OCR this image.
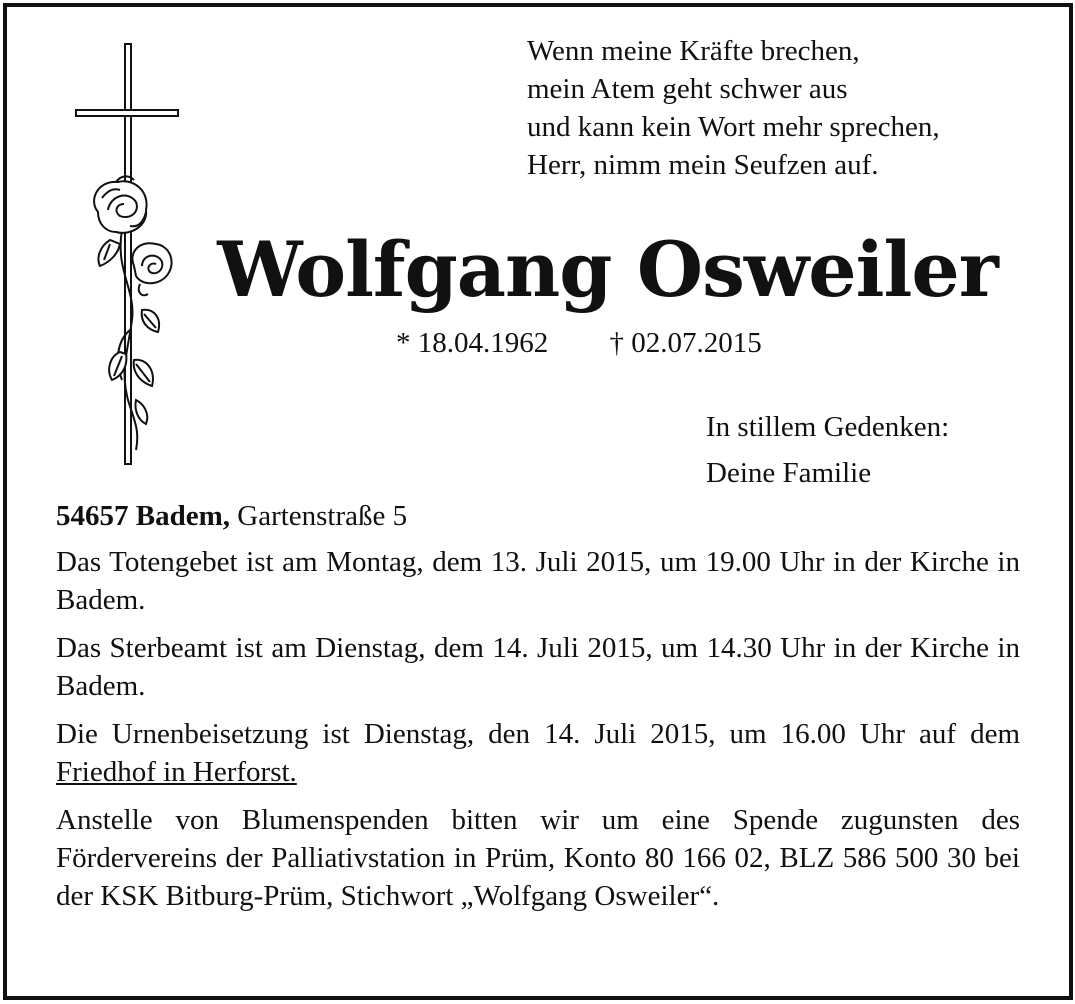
Wenn meine Kräfte brechen,
mein Atem geht schwer aus
und kann kein Wort mehr sprechen,
Herr, nimm mein Seufzen auf.
Wolfgang Osweiler
* 18.04.1962 † 02.07.2015
In stillem Gedenken:
Deine Familie
54657 Badem, Gartenstraße 5
Das Totengebet ist am Montag, dem 13. Juli 2015, um 19.00 Uhr in der Kirche in Badem.
Das Sterbeamt ist am Dienstag, dem 14. Juli 2015, um 14.30 Uhr in der Kirche in Badem.
Die Urnenbeisetzung ist Dienstag, den 14. Juli 2015, um 16.00 Uhr auf dem Friedhof in Herforst.
Anstelle von Blumenspenden bitten wir um eine Spende zugunsten des Fördervereins der Palliativstation in Prüm, Konto 80 166 02, BLZ 586 500 30 bei der KSK Bitburg-Prüm, Stichwort „Wolfgang Osweiler“.
